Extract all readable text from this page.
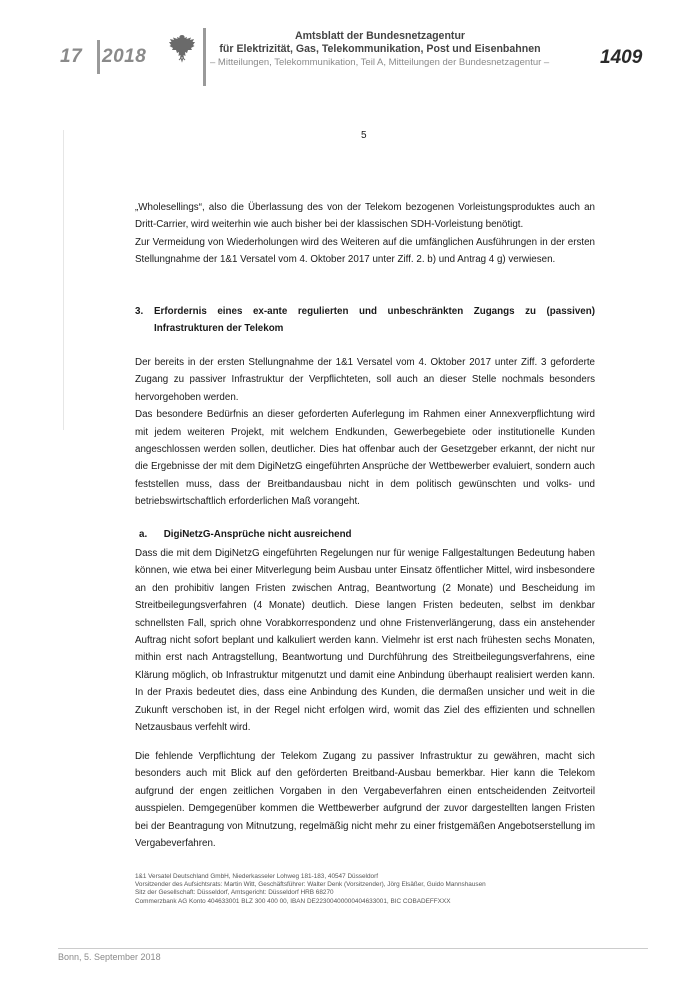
17 2018
Amtsblatt der Bundesnetzagentur
für Elektrizität, Gas, Telekommunikation, Post und Eisenbahnen
– Mitteilungen, Telekommunikation, Teil A, Mitteilungen der Bundesnetzagentur –	1409
5

„Wholesellings“, also die Überlassung des von der Telekom bezogenen Vorleistungsproduktes auch an Dritt-Carrier, wird weiterhin wie auch bisher bei der klassischen SDH-Vorleistung benötigt.

Zur Vermeidung von Wiederholungen wird des Weiteren auf die umfänglichen Ausführungen in der ersten Stellungnahme der 1&1 Versatel vom 4. Oktober 2017 unter Ziff. 2. b) und Antrag 4 g) verwiesen.

3. Erfordernis eines ex-ante regulierten und unbeschränkten Zugangs zu (passiven) Infrastrukturen der Telekom

Der bereits in der ersten Stellungnahme der 1&1 Versatel vom 4. Oktober 2017 unter Ziff. 3 geforderte Zugang zu passiver Infrastruktur der Verpflichteten, soll auch an dieser Stelle nochmals besonders hervorgehoben werden.

Das besondere Bedürfnis an dieser geforderten Auferlegung im Rahmen einer Annexverpflichtung wird mit jedem weiteren Projekt, mit welchem Endkunden, Gewerbegebiete oder institutionelle Kunden angeschlossen werden sollen, deutlicher. Dies hat offenbar auch der Gesetzgeber erkannt, der nicht nur die Ergebnisse der mit dem DigiNetzG eingeführten Ansprüche der Wettbewerber evaluiert, sondern auch feststellen muss, dass der Breitbandausbau nicht in dem politisch gewünschten und volks- und betriebswirtschaftlich erforderlichen Maß vorangeht.

a. DigiNetzG-Ansprüche nicht ausreichend

Dass die mit dem DigiNetzG eingeführten Regelungen nur für wenige Fallgestaltungen Bedeutung haben können, wie etwa bei einer Mitverlegung beim Ausbau unter Einsatz öffentlicher Mittel, wird insbesondere an den prohibitiv langen Fristen zwischen Antrag, Beantwortung (2 Monate) und Bescheidung im Streitbeilegungsverfahren (4 Monate) deutlich. Diese langen Fristen bedeuten, selbst im denkbar schnellsten Fall, sprich ohne Vorabkorrespondenz und ohne Fristenverlängerung, dass ein anstehender Auftrag nicht sofort beplant und kalkuliert werden kann. Vielmehr ist erst nach frühesten sechs Monaten, mithin erst nach Antragstellung, Beantwortung und Durchführung des Streitbeilegungsverfahrens, eine Klärung möglich, ob Infrastruktur mitgenutzt und damit eine Anbindung überhaupt realisiert werden kann. In der Praxis bedeutet dies, dass eine Anbindung des Kunden, die dermaßen unsicher und weit in die Zukunft verschoben ist, in der Regel nicht erfolgen wird, womit das Ziel des effizienten und schnellen Netzausbaus verfehlt wird.

Die fehlende Verpflichtung der Telekom Zugang zu passiver Infrastruktur zu gewähren, macht sich besonders auch mit Blick auf den geförderten Breitband-Ausbau bemerkbar. Hier kann die Telekom aufgrund der engen zeitlichen Vorgaben in den Vergabeverfahren einen entscheidenden Zeitvorteil ausspielen. Demgegenüber kommen die Wettbewerber aufgrund der zuvor dargestellten langen Fristen bei der Beantragung von Mitnutzung, regelmäßig nicht mehr zu einer fristgemäßen Angebotserstellung im Vergabeverfahren.

1&1 Versatel Deutschland GmbH, Niederkasseler Lohweg 181-183, 40547 Düsseldorf
Vorsitzender des Aufsichtsrats: Martin Witt, Geschäftsführer: Walter Denk (Vorsitzender), Jörg Elsäßer, Guido Mannshausen
Sitz der Gesellschaft: Düsseldorf, Amtsgericht: Düsseldorf HRB 68270
Commerzbank AG Konto 404633001 BLZ 300 400 00, IBAN DE22300400000404633001, BIC COBADEFFXXX
Bonn, 5. September 2018
